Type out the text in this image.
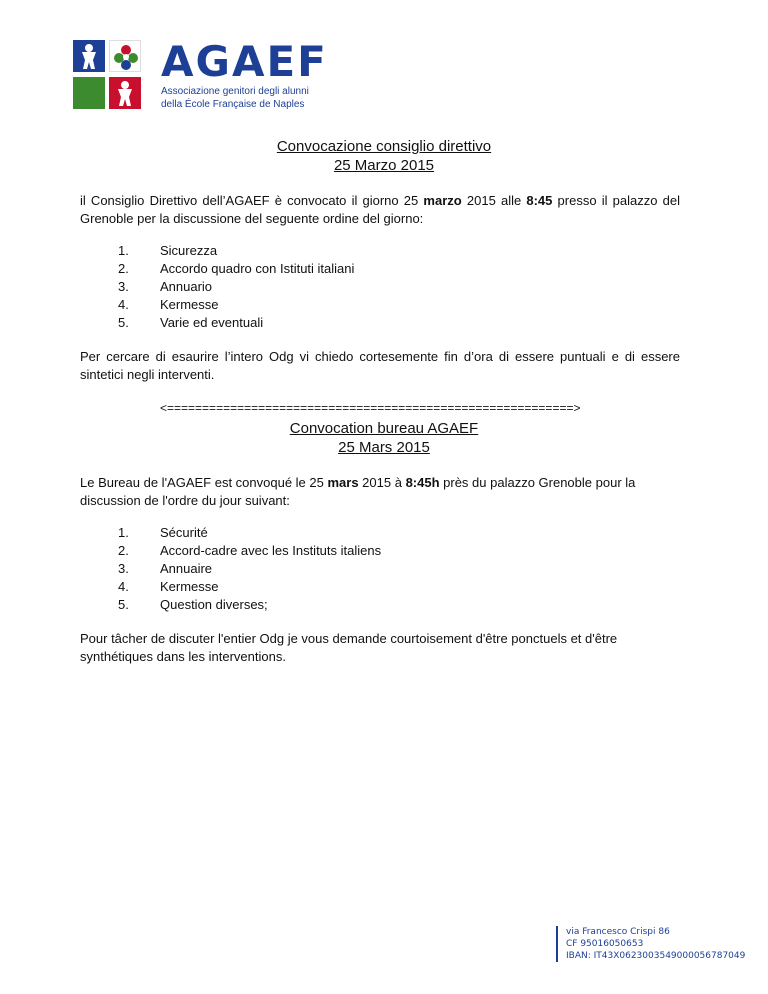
AGAEF
Associazione genitori degli alunni
della École Française de Naples
Convocazione consiglio direttivo
25 Marzo 2015
il Consiglio Direttivo dell’AGAEF è convocato il giorno 25 marzo 2015 alle 8:45 presso il palazzo del Grenoble per la discussione del seguente ordine del giorno:
1.	Sicurezza
2.	Accordo quadro con Istituti italiani
3.	Annuario
4.	Kermesse
5.	Varie ed eventuali
Per cercare di esaurire l’intero Odg vi chiedo cortesemente fin d’ora di essere puntuali e di essere sintetici negli interventi.
<==========================================================>
Convocation bureau AGAEF
25 Mars 2015
Le Bureau de l'AGAEF est convoqué le 25 mars 2015 à 8:45h près du palazzo Grenoble pour la discussion de l'ordre du jour suivant:
1.	Sécurité
2.	Accord-cadre avec les Instituts italiens
3.	Annuaire
4.	Kermesse
5.	Question diverses;
Pour tâcher de discuter l'entier Odg je vous demande courtoisement d'être ponctuels et d'être synthétiques dans les interventions.
via Francesco Crispi 86
CF 95016050653
IBAN: IT43X0623003549000056787049
